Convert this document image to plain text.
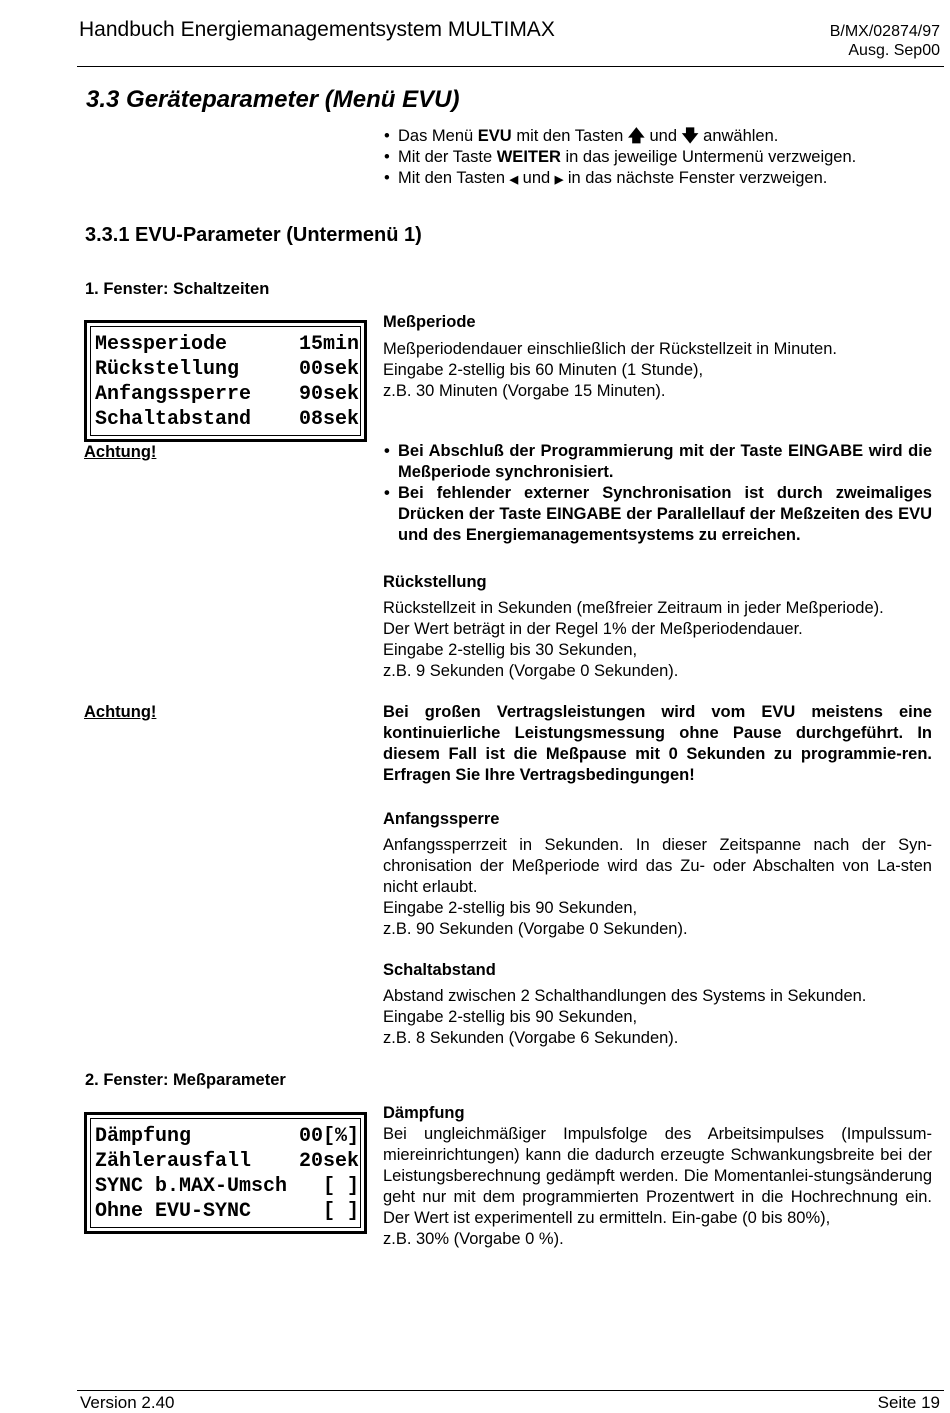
Handbuch Energiemanagementsystem MULTIMAX	B/MX/02874/97
Ausg. Sep00
3.3 Geräteparameter (Menü EVU)
• Das Menü EVU mit den Tasten 🡅 und 🡇 anwählen.
• Mit der Taste WEITER in das jeweilige Untermenü verzweigen.
• Mit den Tasten ◀ und ▶ in das nächste Fenster verzweigen.
3.3.1 EVU-Parameter (Untermenü 1)
1. Fenster: Schaltzeiten
Messperiode	15min
Rückstellung	00sek
Anfangssperre 90sek
Schaltabstand 08sek
Meßperiode
Meßperiodendauer einschließlich der Rückstellzeit in Minuten.
Eingabe 2-stellig bis 60 Minuten (1 Stunde),
z.B. 30 Minuten (Vorgabe 15 Minuten).
Achtung!
•	Bei Abschluß der Programmierung mit der Taste EINGABE wird die Meßperiode synchronisiert.
• Bei fehlender externer Synchronisation ist durch zweimaliges Drücken der Taste EINGABE der Parallellauf der Meßzeiten des EVU und des Energiemanagementsystems zu erreichen.
Rückstellung
Rückstellzeit in Sekunden (meßfreier Zeitraum in jeder Meßperiode).
Der Wert beträgt in der Regel 1% der Meßperiodendauer.
Eingabe 2-stellig bis 30 Sekunden,
z.B. 9 Sekunden (Vorgabe 0 Sekunden).
Achtung!	Bei großen Vertragsleistungen wird vom EVU meistens eine kontinuierliche Leistungsmessung ohne Pause durchgeführt. In diesem Fall ist die Meßpause mit 0 Sekunden zu programmie-ren. Erfragen Sie Ihre Vertragsbedingungen!
Anfangssperre
Anfangssperrzeit in Sekunden. In dieser Zeitspanne nach der Syn-chronisation der Meßperiode wird das Zu- oder Abschalten von La-sten nicht erlaubt.
Eingabe 2-stellig bis 90 Sekunden,
z.B. 90 Sekunden (Vorgabe 0 Sekunden).
Schaltabstand
Abstand zwischen 2 Schalthandlungen des Systems in Sekunden.
Eingabe 2-stellig bis 90 Sekunden,
z.B. 8 Sekunden (Vorgabe 6 Sekunden).
2. Fenster: Meßparameter
Dämpfung	00[%]
Zählerausfall 20sek
SYNC b.MAX-Umsch [ ]
Ohne EVU-SYNC	[ ]
Dämpfung
Bei ungleichmäßiger Impulsfolge des Arbeitsimpulses (Impulssum-miereinrichtungen) kann die dadurch erzeugte Schwankungsbreite bei der Leistungsberechnung gedämpft werden. Die Momentanlei-stungsänderung geht nur mit dem programmierten Prozentwert in die Hochrechnung ein. Der Wert ist experimentell zu ermitteln. Ein-gabe (0 bis 80%),
z.B. 30% (Vorgabe 0 %).
Version 2.40	Seite 19
